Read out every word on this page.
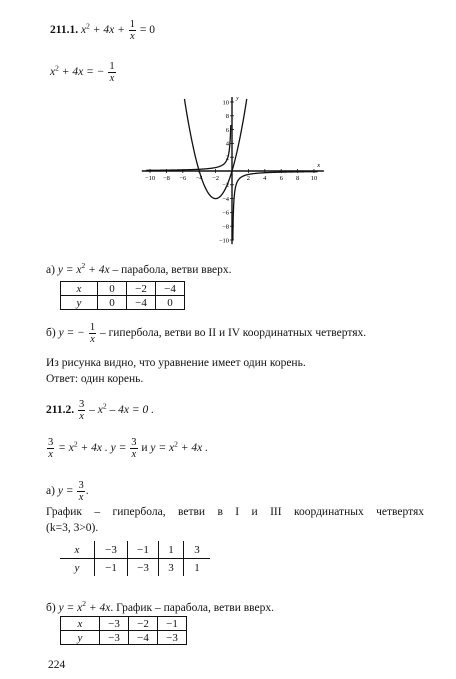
211.1. $x^2 + 4x + \frac{1}{x} = 0$
$x^2 + 4x$ = − $\frac{1}{x}$
−10 −8 −6 −4 −2	2 4 6 8 10
10
8
6
4
2
−2
−4
−6
−8
−10
x
y
а) $y = x^2 + 4x$ – парабола, ветви вверх.
x	0	−2	−4
y	0	−4	0
б) y = − $\frac{1}{x}$ – гипербола, ветви во II и IV координатных четвертях.
Из рисунка видно, что уравнение имеет один корень.
Ответ: один корень.
211.2. $\frac{3}{x} - x^2 - 4x = 0$ .
$\frac{3}{x} = x^2 + 4x$ . $y = \frac{3}{x}$ и $y = x^2 + 4x$ .
а) $y = \frac{3}{x}$ .
График – гипербола, ветви в I и III координатных четвертях
(k=3, 3>0).
x	−3	−1	1	3
y	−1	−3	3	1
б) $y = x^2 + 4x$. График – парабола, ветви вверх.
x	−3	−2	−1
y	−3	−4	−3
224
